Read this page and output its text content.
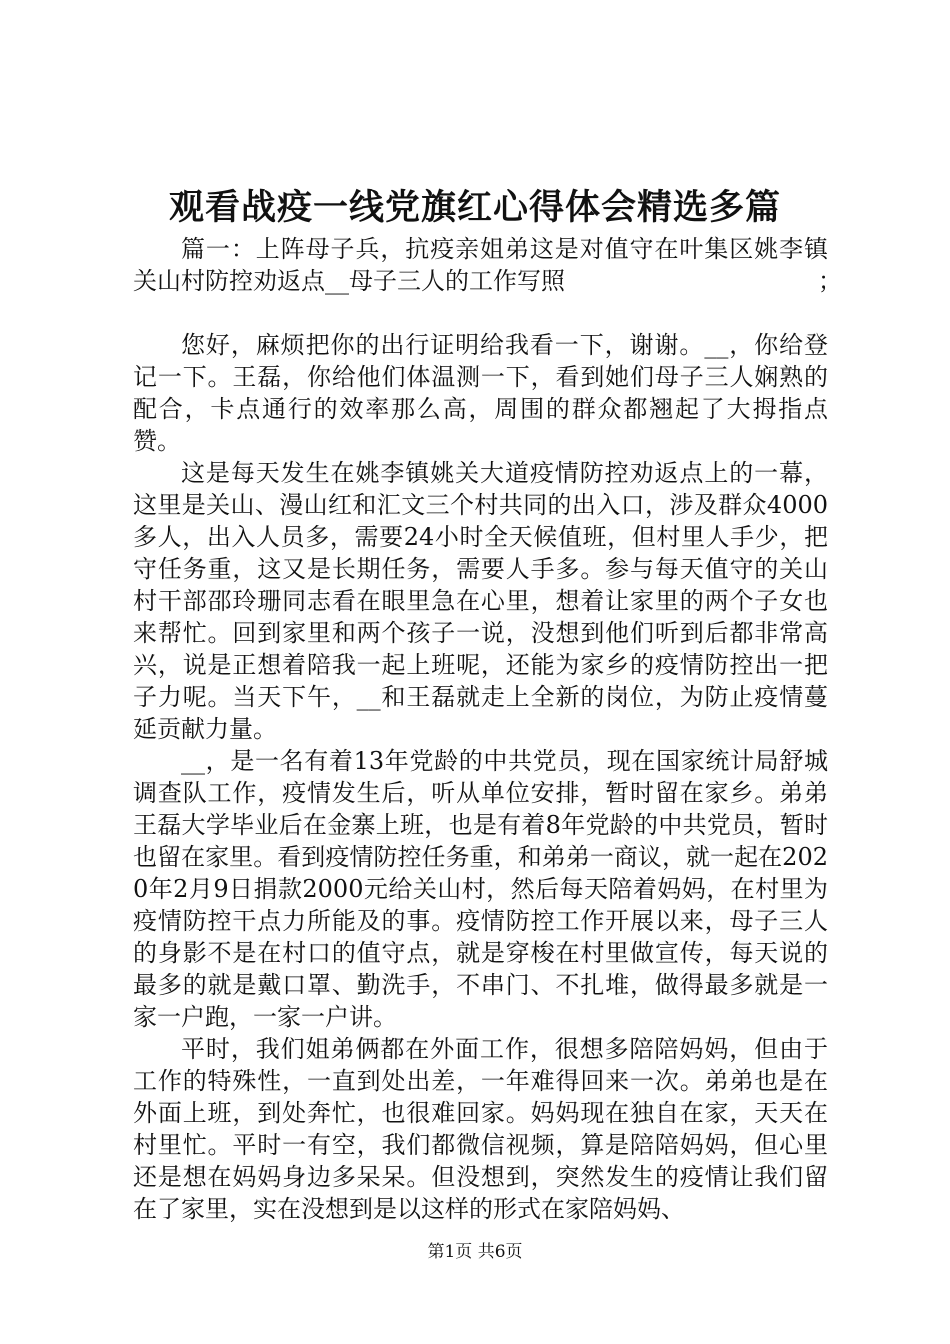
观看战疫一线党旗红心得体会精选多篇

篇一：上阵母子兵，抗疫亲姐弟这是对值守在叶集区姚李镇关山村防控劝返点__母子三人的工作写照	；

您好，麻烦把你的出行证明给我看一下，谢谢。__，你给登记一下。王磊，你给他们体温测一下，看到她们母子三人娴熟的配合，卡点通行的效率那么高，周围的群众都翘起了大拇指点赞。

这是每天发生在姚李镇姚关大道疫情防控劝返点上的一幕，这里是关山、漫山红和汇文三个村共同的出入口，涉及群众4000多人，出入人员多，需要24小时全天候值班，但村里人手少，把守任务重，这又是长期任务，需要人手多。参与每天值守的关山村干部邵玲珊同志看在眼里急在心里，想着让家里的两个子女也来帮忙。回到家里和两个孩子一说，没想到他们听到后都非常高兴，说是正想着陪我一起上班呢，还能为家乡的疫情防控出一把子力呢。当天下午，__和王磊就走上全新的岗位，为防止疫情蔓延贡献力量。

__，是一名有着13年党龄的中共党员，现在国家统计局舒城调查队工作，疫情发生后，听从单位安排，暂时留在家乡。弟弟王磊大学毕业后在金寨上班，也是有着8年党龄的中共党员，暂时也留在家里。看到疫情防控任务重，和弟弟一商议，就一起在2020年2月9日捐款2000元给关山村，然后每天陪着妈妈，在村里为疫情防控干点力所能及的事。疫情防控工作开展以来，母子三人的身影不是在村口的值守点，就是穿梭在村里做宣传，每天说的最多的就是戴口罩、勤洗手，不串门、不扎堆，做得最多就是一家一户跑，一家一户讲。

平时，我们姐弟俩都在外面工作，很想多陪陪妈妈，但由于工作的特殊性，一直到处出差，一年难得回来一次。弟弟也是在外面上班，到处奔忙，也很难回家。妈妈现在独自在家，天天在村里忙。平时一有空，我们都微信视频，算是陪陪妈妈，但心里还是想在妈妈身边多呆呆。但没想到，突然发生的疫情让我们留在了家里，实在没想到是以这样的形式在家陪妈妈、

第1页 共6页
